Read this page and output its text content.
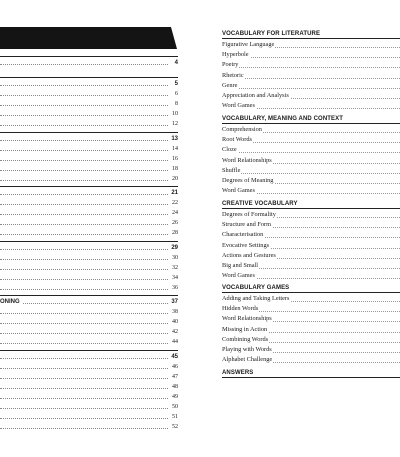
4
5
13
21
29
ONING	37
45
6
8
10
12
14
16
18
20
22
24
26
28
30
32
34
36
38
40
42
44
46
47
48
49
50
51
52
VOCABULARY FOR LITERATURE
Figurative Language
Hyperbole
Poetry
Rhetoric
Genre
Appreciation and Analysis
Word Games
VOCABULARY, MEANING AND CONTEXT
Comprehension
Root Words
Cloze
Word Relationships
Shuffle
Degrees of Meaning
Word Games
CREATIVE VOCABULARY
Degrees of Formality
Structure and Form
Characterisation
Evocative Settings
Actions and Gestures
Big and Small
Word Games
VOCABULARY GAMES
Adding and Taking Letters
Hidden Words
Word Relationships
Missing in Action
Combining Words
Playing with Words
Alphabet Challenge
ANSWERS
